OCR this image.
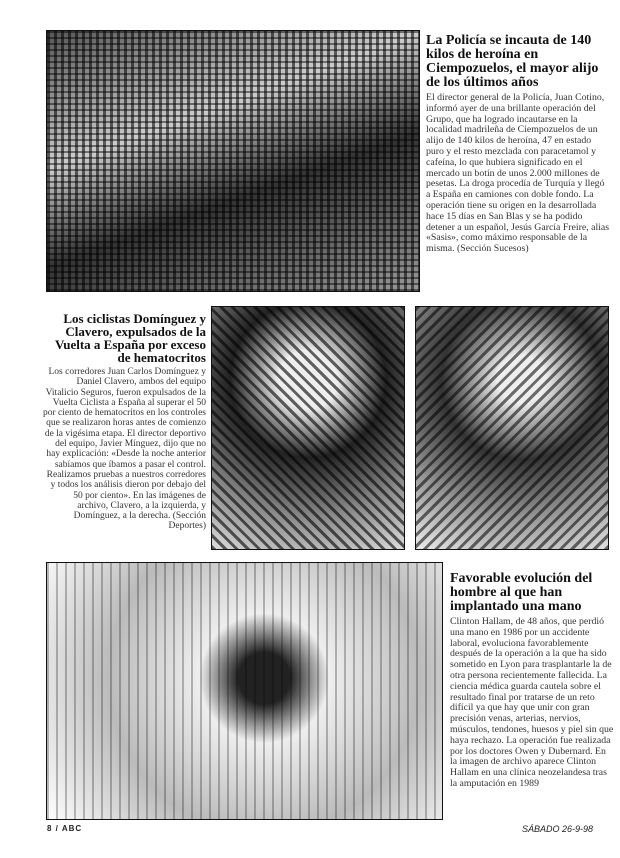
La Policía se incauta de 140 kilos de heroína en Ciempozuelos, el mayor alijo de los últimos años

El director general de la Policía, Juan Cotino, informó ayer de una brillante operación del Grupo, que ha logrado incautarse en la localidad madrileña de Ciempozuelos de un alijo de 140 kilos de heroína, 47 en estado puro y el resto mezclada con paracetamol y cafeína, lo que hubiera significado en el mercado un botín de unos 2.000 millones de pesetas. La droga procedía de Turquía y llegó a España en camiones con doble fondo. La operación tiene su origen en la desarrollada hace 15 días en San Blas y se ha podido detener a un español, Jesús García Freire, alias «Sasis», como máximo responsable de la misma. (Sección Sucesos)

Los ciclistas Domínguez y Clavero, expulsados de la Vuelta a España por exceso de hematocritos

Los corredores Juan Carlos Domínguez y Daniel Clavero, ambos del equipo Vitalicio Seguros, fueron expulsados de la Vuelta Ciclista a España al superar el 50 por ciento de hematocritos en los controles que se realizaron horas antes de comienzo de la vigésima etapa. El director deportivo del equipo, Javier Mínguez, dijo que no hay explicación: «Desde la noche anterior sabíamos que íbamos a pasar el control. Realizamos pruebas a nuestros corredores y todos los análisis dieron por debajo del 50 por ciento». En las imágenes de archivo, Clavero, a la izquierda, y Domínguez, a la derecha. (Sección Deportes)

Favorable evolución del hombre al que han implantado una mano

Clinton Hallam, de 48 años, que perdió una mano en 1986 por un accidente laboral, evoluciona favorablemente después de la operación a la que ha sido sometido en Lyon para trasplantarle la de otra persona recientemente fallecida. La ciencia médica guarda cautela sobre el resultado final por tratarse de un reto difícil ya que hay que unir con gran precisión venas, arterias, nervios, músculos, tendones, huesos y piel sin que haya rechazo. La operación fue realizada por los doctores Owen y Dubernard. En la imagen de archivo aparece Clinton Hallam en una clínica neozelandesa tras la amputación en 1989

8 / ABC	SÁBADO 26-9-98
